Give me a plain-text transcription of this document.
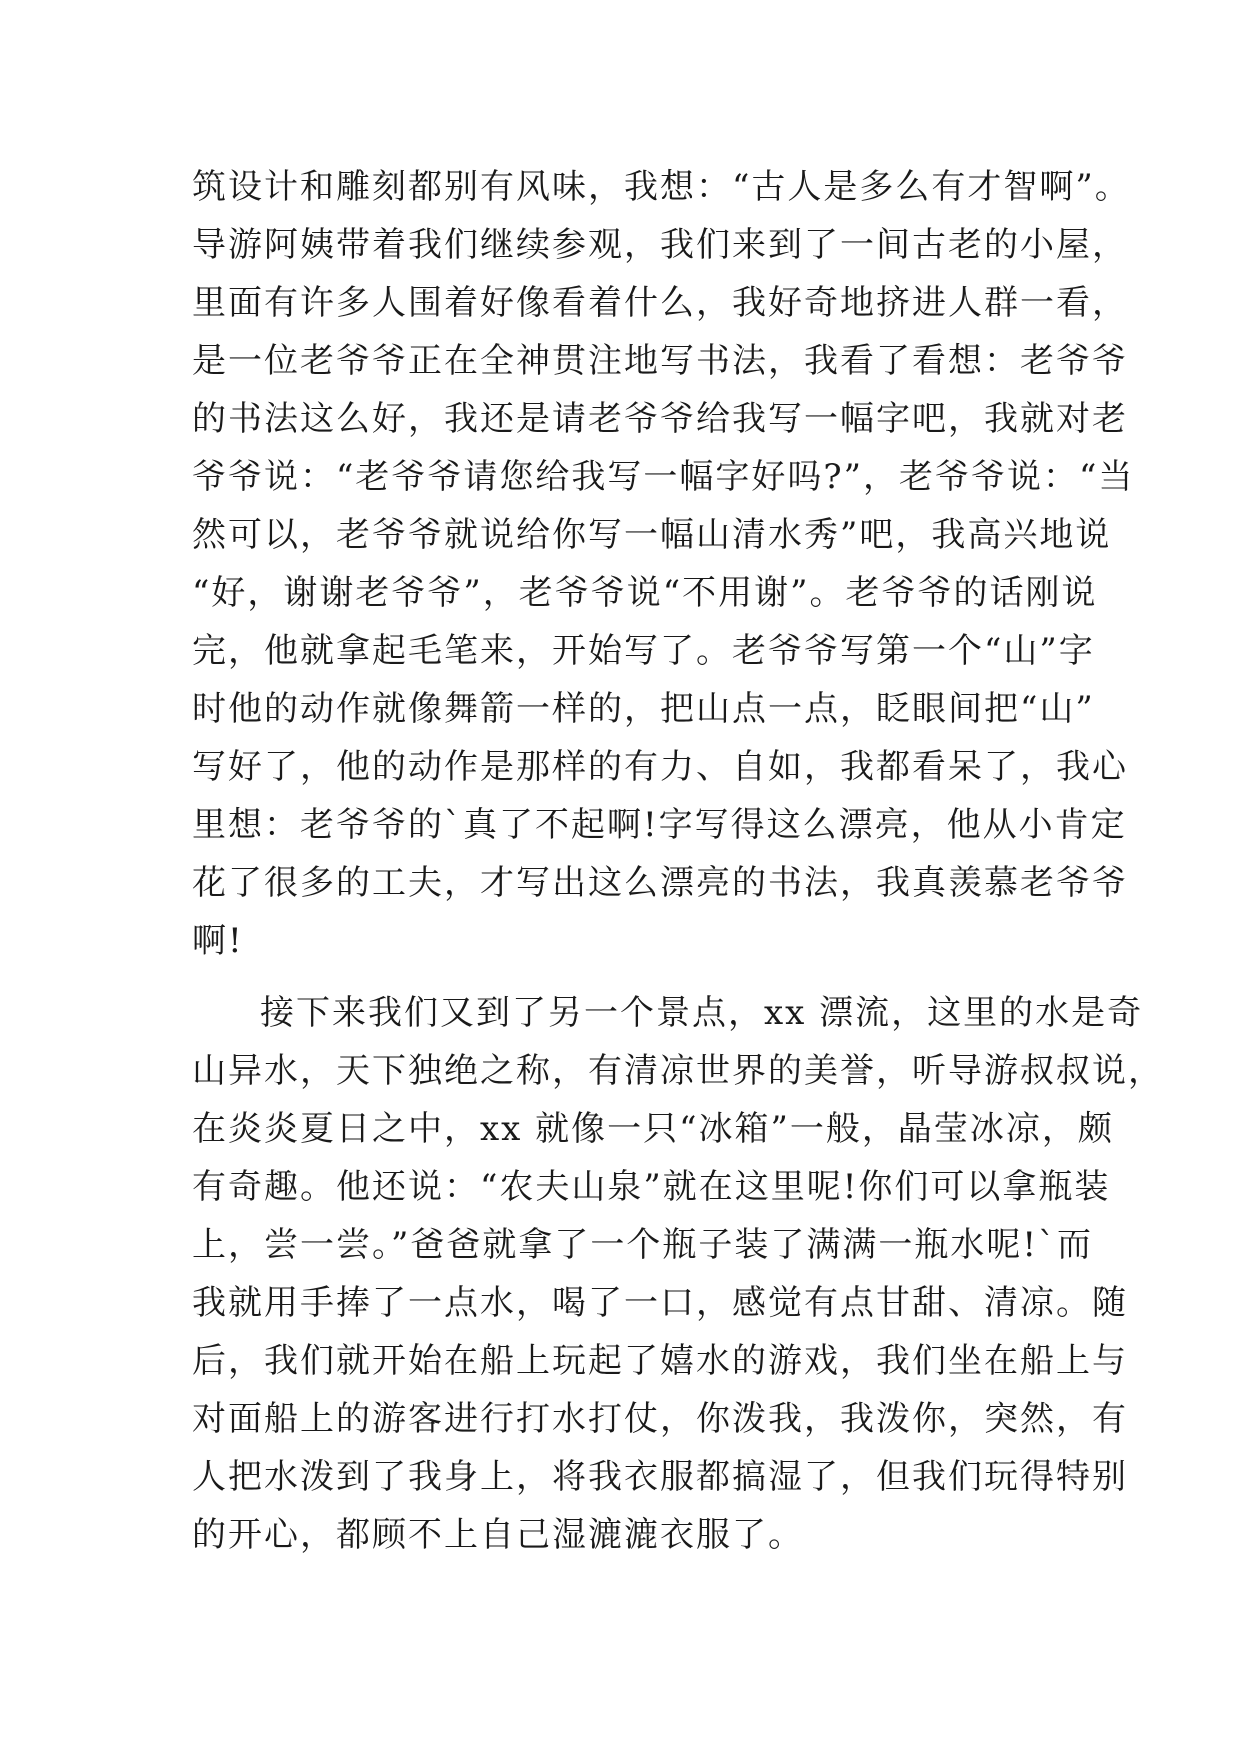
筑设计和雕刻都别有风味，我想：“古人是多么有才智啊”。
导游阿姨带着我们继续参观，我们来到了一间古老的小屋，
里面有许多人围着好像看着什么，我好奇地挤进人群一看，
是一位老爷爷正在全神贯注地写书法，我看了看想：老爷爷
的书法这么好，我还是请老爷爷给我写一幅字吧，我就对老
爷爷说：“老爷爷请您给我写一幅字好吗?”，老爷爷说：“当
然可以，老爷爷就说给你写一幅山清水秀”吧，我高兴地说
“好，谢谢老爷爷”，老爷爷说“不用谢”。老爷爷的话刚说
完，他就拿起毛笔来，开始写了。老爷爷写第一个“山”字
时他的动作就像舞箭一样的，把山点一点，眨眼间把“山”
写好了，他的动作是那样的有力、自如，我都看呆了，我心
里想：老爷爷的`真了不起啊!字写得这么漂亮，他从小肯定
花了很多的工夫，才写出这么漂亮的书法，我真羡慕老爷爷
啊!
接下来我们又到了另一个景点，xx 漂流，这里的水是奇
山异水，天下独绝之称，有清凉世界的美誉，听导游叔叔说，
在炎炎夏日之中，xx 就像一只“冰箱”一般，晶莹冰凉，颇
有奇趣。他还说：“农夫山泉”就在这里呢!你们可以拿瓶装
上，尝一尝。”爸爸就拿了一个瓶子装了满满一瓶水呢!`而
我就用手捧了一点水，喝了一口，感觉有点甘甜、清凉。随
后，我们就开始在船上玩起了嬉水的游戏，我们坐在船上与
对面船上的游客进行打水打仗，你泼我，我泼你，突然，有
人把水泼到了我身上，将我衣服都搞湿了，但我们玩得特别
的开心，都顾不上自己湿漉漉衣服了。
